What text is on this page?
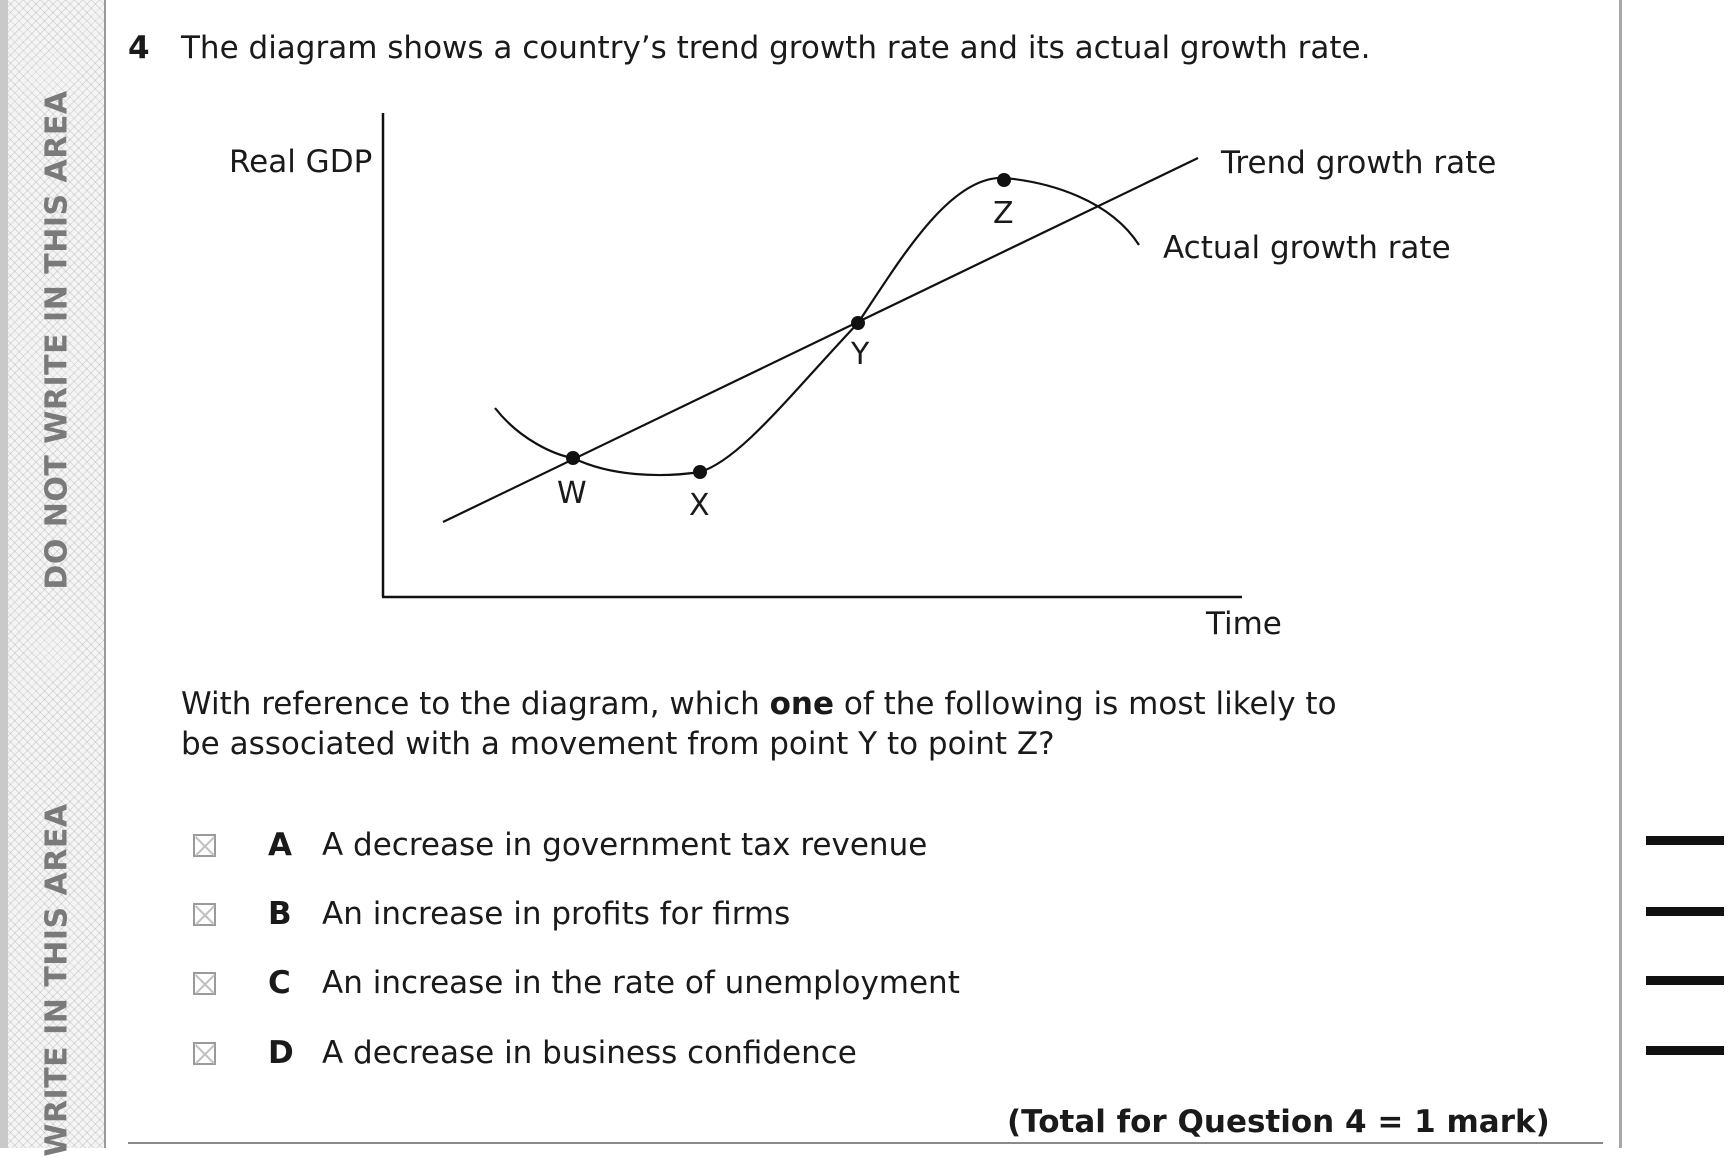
DO NOT WRITE IN THIS AREA
WRITE IN THIS AREA
4 The diagram shows a country’s trend growth rate and its actual growth rate.
Real GDP
Time
Trend growth rate
Actual growth rate
W	X
Y
Z
With reference to the diagram, which one of the following is most likely to be associated with a movement from point Y to point Z?
A A decrease in government tax revenue
B An increase in profits for firms
C An increase in the rate of unemployment
D A decrease in business confidence
(Total for Question 4 = 1 mark)
